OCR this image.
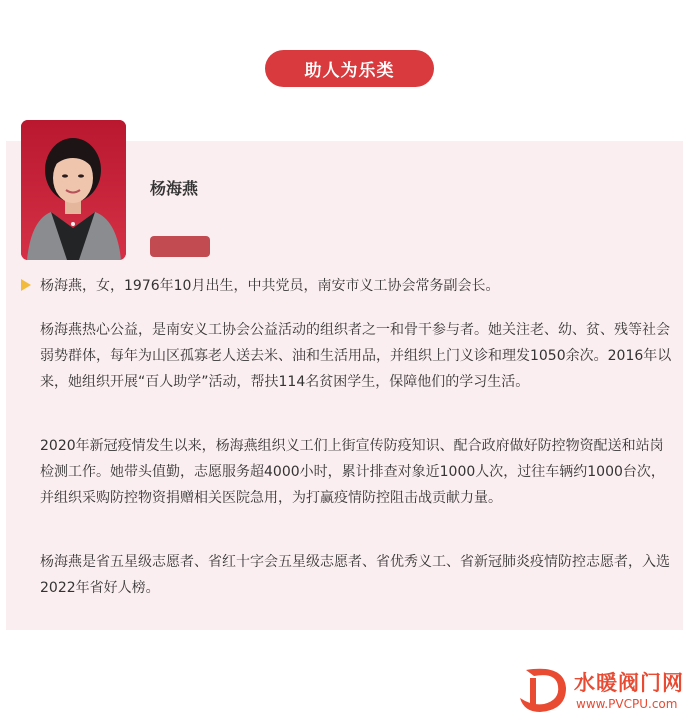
助人为乐类
杨海燕

杨海燕，女，1976年10月出生，中共党员，南安市义工协会常务副会长。

杨海燕热心公益，是南安义工协会公益活动的组织者之一和骨干参与者。她关注老、幼、贫、残等社会弱势群体，每年为山区孤寡老人送去米、油和生活用品，并组织上门义诊和理发1050余次。2016年以来，她组织开展“百人助学”活动，帮扶114名贫困学生，保障他们的学习生活。

2020年新冠疫情发生以来，杨海燕组织义工们上街宣传防疫知识、配合政府做好防控物资配送和站岗检测工作。她带头值勤，志愿服务超4000小时，累计排查对象近1000人次，过往车辆约1000台次，并组织采购防控物资捐赠相关医院急用，为打赢疫情防控阻击战贡献力量。

杨海燕是省五星级志愿者、省红十字会五星级志愿者、省优秀义工、省新冠肺炎疫情防控志愿者，入选2022年省好人榜。

水暖阀门网
www.PVCPU.com
